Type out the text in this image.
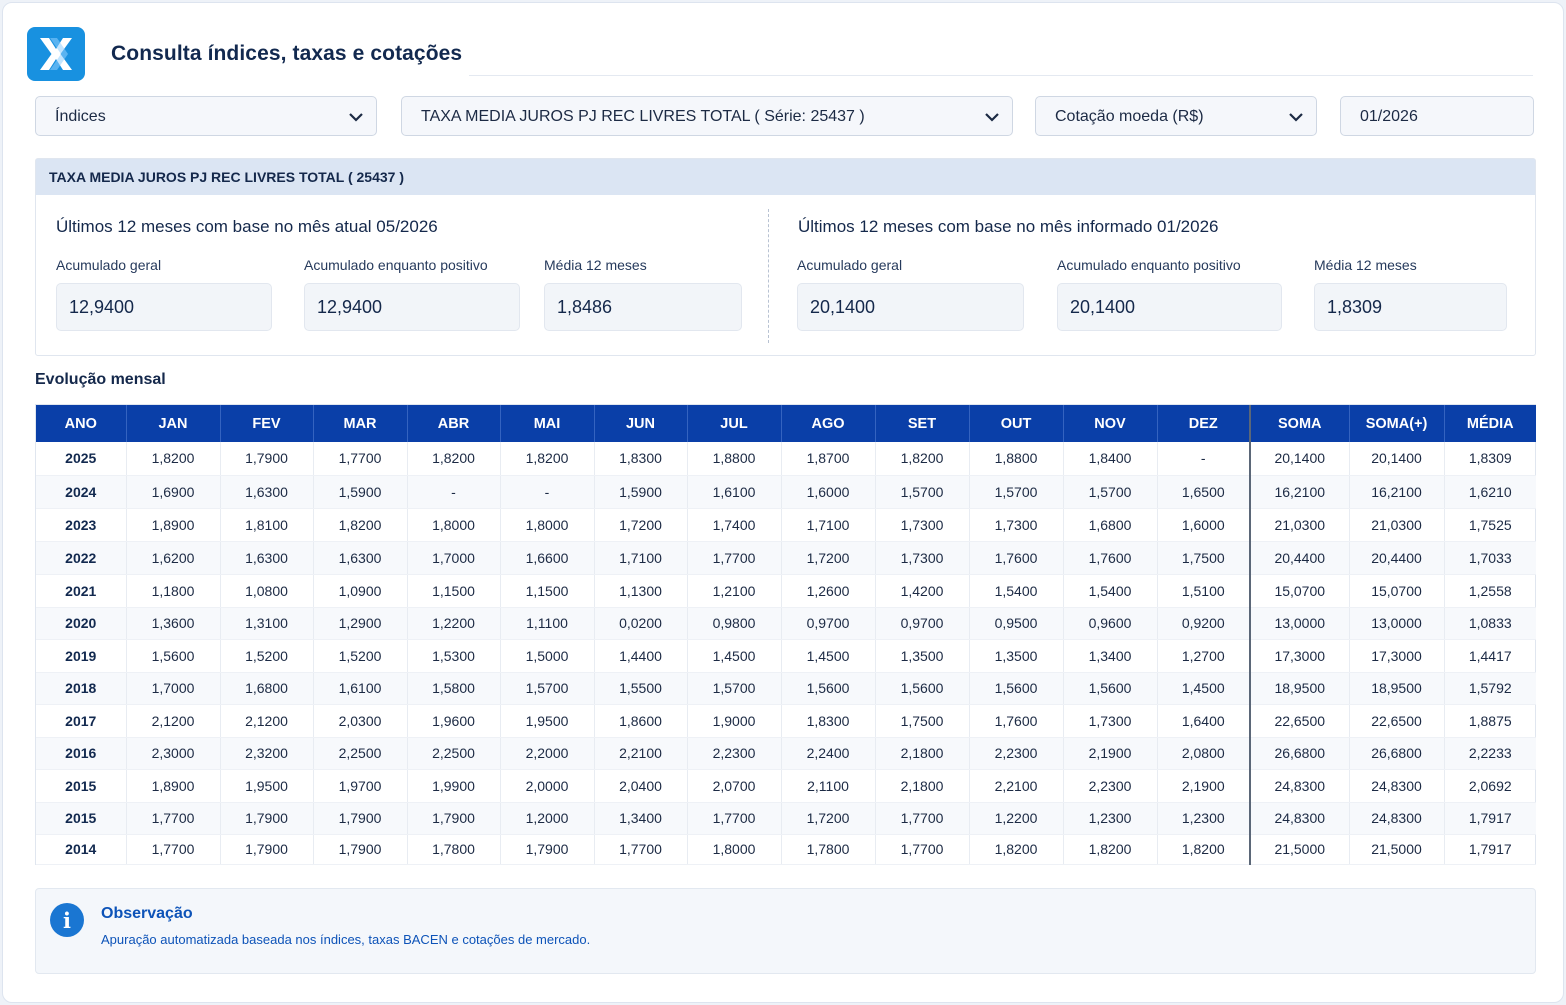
Consulta índices, taxas e cotações
Índices	TAXA MEDIA JUROS PJ REC LIVRES TOTAL ( Série: 25437 )	Cotação moeda (R$)	01/2026
TAXA MEDIA JUROS PJ REC LIVRES TOTAL ( 25437 )
Últimos 12 meses com base no mês atual 05/2026
Acumulado geral
12,9400
Acumulado enquanto positivo
12,9400
Média 12 meses
1,8486
Últimos 12 meses com base no mês informado 01/2026
Acumulado geral
20,1400
Acumulado enquanto positivo
20,1400
Média 12 meses
1,8309
Evolução mensal
ANO	JAN	FEV	MAR	ABR	MAI	JUN	JUL	AGO	SET	OUT	NOV	DEZ	SOMA	SOMA(+)	MÉDIA
2025	1,8200	1,7900	1,7700	1,8200	1,8200	1,8300	1,8800	1,8700	1,8200	1,8800	1,8400	-	20,1400	20,1400	1,8309
2024	1,6900	1,6300	1,5900	-	-	1,5900	1,6100	1,6000	1,5700	1,5700	1,5700	1,6500	16,2100	16,2100	1,6210
2023	1,8900	1,8100	1,8200	1,8000	1,8000	1,7200	1,7400	1,7100	1,7300	1,7300	1,6800	1,6000	21,0300	21,0300	1,7525
2022	1,6200	1,6300	1,6300	1,7000	1,6600	1,7100	1,7700	1,7200	1,7300	1,7600	1,7600	1,7500	20,4400	20,4400	1,7033
2021	1,1800	1,0800	1,0900	1,1500	1,1500	1,1300	1,2100	1,2600	1,4200	1,5400	1,5400	1,5100	15,0700	15,0700	1,2558
2020	1,3600	1,3100	1,2900	1,2200	1,1100	0,0200	0,9800	0,9700	0,9700	0,9500	0,9600	0,9200	13,0000	13,0000	1,0833
2019	1,5600	1,5200	1,5200	1,5300	1,5000	1,4400	1,4500	1,4500	1,3500	1,3500	1,3400	1,2700	17,3000	17,3000	1,4417
2018	1,7000	1,6800	1,6100	1,5800	1,5700	1,5500	1,5700	1,5600	1,5600	1,5600	1,5600	1,4500	18,9500	18,9500	1,5792
2017	2,1200	2,1200	2,0300	1,9600	1,9500	1,8600	1,9000	1,8300	1,7500	1,7600	1,7300	1,6400	22,6500	22,6500	1,8875
2016	2,3000	2,3200	2,2500	2,2500	2,2000	2,2100	2,2300	2,2400	2,1800	2,2300	2,1900	2,0800	26,6800	26,6800	2,2233
2015	1,8900	1,9500	1,9700	1,9900	2,0000	2,0400	2,0700	2,1100	2,1800	2,2100	2,2300	2,1900	24,8300	24,8300	2,0692
2015	1,7700	1,7900	1,7900	1,7900	1,2000	1,3400	1,7700	1,7200	1,7700	1,2200	1,2300	1,2300	24,8300	24,8300	1,7917
2014	1,7700	1,7900	1,7900	1,7800	1,7900	1,7700	1,8000	1,7800	1,7700	1,8200	1,8200	1,8200	21,5000	21,5000	1,7917
i	Observação
Apuração automatizada baseada nos índices, taxas BACEN e cotações de mercado.
